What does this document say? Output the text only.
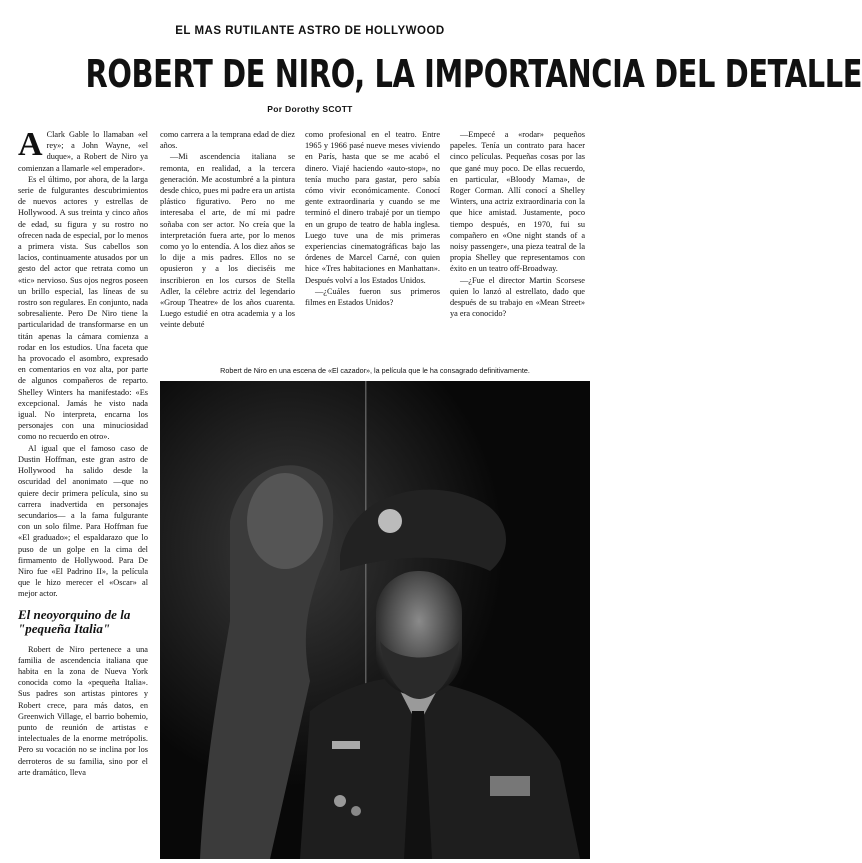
EL MAS RUTILANTE ASTRO DE HOLLYWOOD
ROBERT DE NIRO, LA IMPORTANCIA DEL DETALLE
Por Dorothy SCOTT

A Clark Gable lo llamaban «el rey»; a John Wayne, «el duque», a Robert de Niro ya comienzan a llamarle «el emperador».

Es el último, por ahora, de la larga serie de fulgurantes descubrimientos de nuevos actores y estrellas de Hollywood. A sus treinta y cinco años de edad, su figura y su rostro no ofrecen nada de especial, por lo menos a primera vista. Sus cabellos son lacios, continuamente atusados por un gesto del actor que retrata como un «tic» nervioso. Sus ojos negros poseen un brillo especial, las líneas de su rostro son regulares. En conjunto, nada sobresaliente. Pero De Niro tiene la particularidad de transformarse en un titán apenas la cámara comienza a rodar en los estudios. Una faceta que ha provocado el asombro, expresado en comentarios en voz alta, por parte de algunos compañeros de reparto. Shelley Winters ha manifestado: «Es excepcional. Jamás he visto nada igual. No interpreta, encarna los personajes con una minuciosidad como no recuerdo en otro».

Al igual que el famoso caso de Dustin Hoffman, este gran astro de Hollywood ha salido desde la oscuridad del anonimato —que no quiere decir primera película, sino su carrera inadvertida en personajes secundarios— a la fama fulgurante con un solo filme. Para Hoffman fue «El graduado»; el espaldarazo que lo puso de un golpe en la cima del firmamento de Hollywood. Para De Niro fue «El Padrino II», la película que le hizo merecer el «Oscar» al mejor actor.

El neoyorquino de la "pequeña Italia"

Robert de Niro pertenece a una familia de ascendencia italiana que habita en la zona de Nueva York conocida como la «pequeña Italia». Sus padres son artistas pintores y Robert crece, para más datos, en Greenwich Village, el barrio bohemio, punto de reunión de artistas e intelectuales de la enorme metrópolis. Pero su vocación no se inclina por los derroteros de su familia, sino por el arte dramático, lleva

como carrera a la temprana edad de diez años.

—Mi ascendencia italiana se remonta, en realidad, a la tercera generación. Me acostumbré a la pintura desde chico, pues mi padre era un artista plástico figurativo. Pero no me interesaba el arte, de mí mi padre soñaba con ser actor. No creía que la interpretación fuera arte, por lo menos como yo lo entendía. A los diez años se lo dije a mis padres. Ellos no se opusieron y a los dieciséis me inscribieron en los cursos de Stella Adler, la célebre actriz del legendario «Group Theatre» de los años cuarenta. Luego estudié en otra academia y a los veinte debuté

como profesional en el teatro. Entre 1965 y 1966 pasé nueve meses viviendo en París, hasta que se me acabó el dinero. Viajé haciendo «auto-stop», no tenía mucho para gastar, pero sabía cómo vivir económicamente. Conocí gente extraordinaria y cuando se me terminó el dinero trabajé por un tiempo en un grupo de teatro de habla inglesa. Luego tuve una de mis primeras experiencias cinematográficas bajo las órdenes de Marcel Carné, con quien hice «Tres habitaciones en Manhattan». Después volví a los Estados Unidos.

—¿Cuáles fueron sus primeros filmes en Estados Unidos?

—Empecé a «rodar» pequeños papeles. Tenía un contrato para hacer cinco películas. Pequeñas cosas por las que gané muy poco. De ellas recuerdo, en particular, «Bloody Mama», de Roger Corman. Allí conocí a Shelley Winters, una actriz extraordinaria con la que hice amistad. Justamente, poco tiempo después, en 1970, fui su compañero en «One night stands of a noisy passenger», una pieza teatral de la propia Shelley que representamos con éxito en un teatro off-Broadway.

—¿Fue el director Martin Scorsese quien lo lanzó al estrellato, dado que después de su trabajo en «Mean Street» ya era conocido?

Robert de Niro en una escena de «El cazador», la película que le ha consagrado definitivamente.
